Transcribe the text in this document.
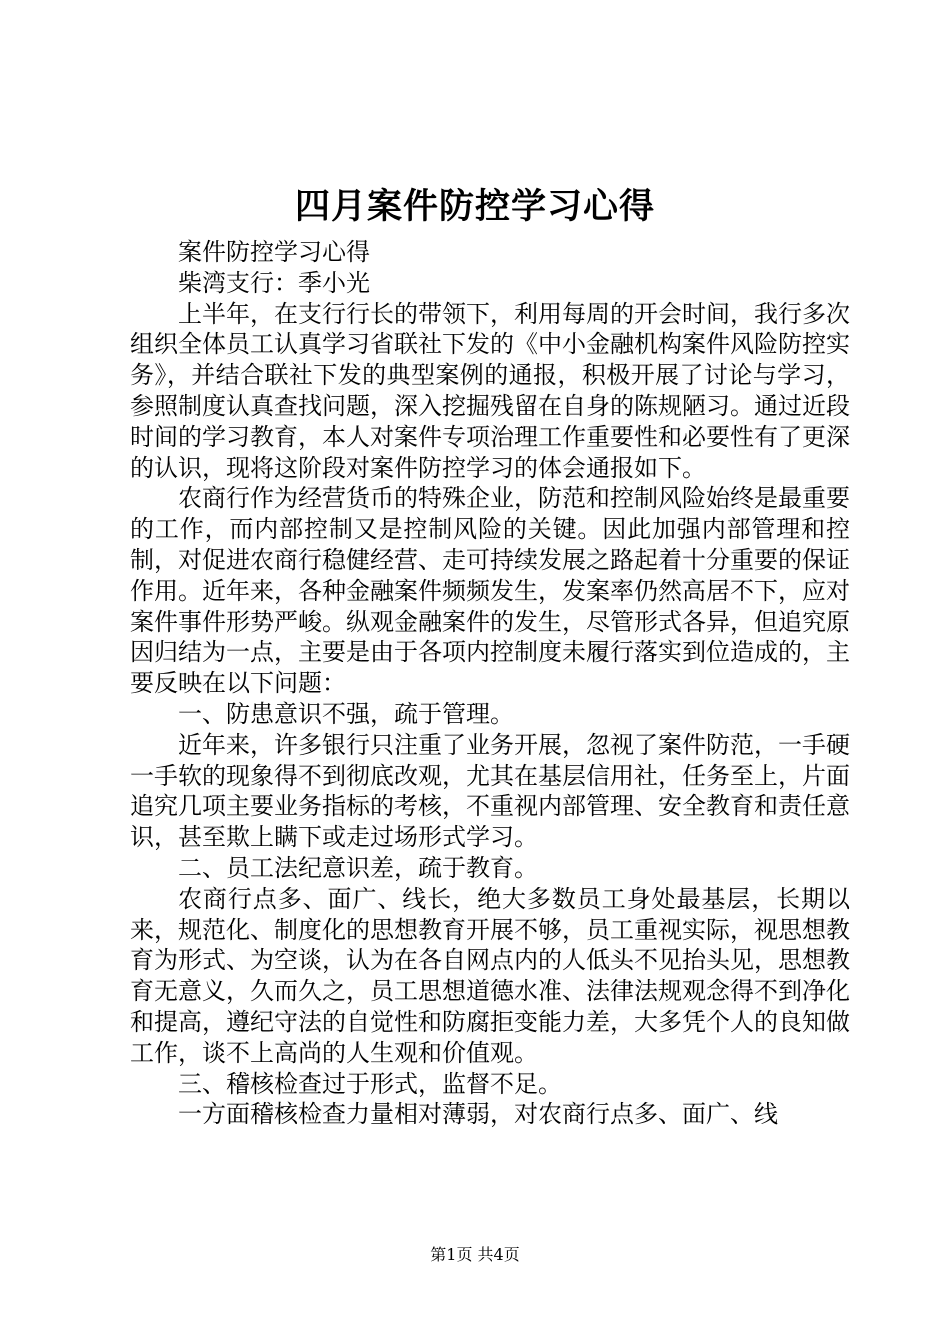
四月案件防控学习心得

案件防控学习心得

柴湾支行：季小光

上半年，在支行行长的带领下，利用每周的开会时间，我行多次组织全体员工认真学习省联社下发的《中小金融机构案件风险防控实务》，并结合联社下发的典型案例的通报，积极开展了讨论与学习，参照制度认真查找问题，深入挖掘残留在自身的陈规陋习。通过近段时间的学习教育，本人对案件专项治理工作重要性和必要性有了更深的认识，现将这阶段对案件防控学习的体会通报如下。

农商行作为经营货币的特殊企业，防范和控制风险始终是最重要的工作，而内部控制又是控制风险的关键。因此加强内部管理和控制，对促进农商行稳健经营、走可持续发展之路起着十分重要的保证作用。近年来，各种金融案件频频发生，发案率仍然高居不下，应对案件事件形势严峻。纵观金融案件的发生，尽管形式各异，但追究原因归结为一点，主要是由于各项内控制度未履行落实到位造成的，主要反映在以下问题：

一、防患意识不强，疏于管理。

近年来，许多银行只注重了业务开展，忽视了案件防范，一手硬一手软的现象得不到彻底改观，尤其在基层信用社，任务至上，片面追究几项主要业务指标的考核，不重视内部管理、安全教育和责任意识，甚至欺上瞒下或走过场形式学习。

二、员工法纪意识差，疏于教育。

农商行点多、面广、线长，绝大多数员工身处最基层，长期以来，规范化、制度化的思想教育开展不够，员工重视实际，视思想教育为形式、为空谈，认为在各自网点内的人低头不见抬头见，思想教育无意义，久而久之，员工思想道德水准、法律法规观念得不到净化和提高，遵纪守法的自觉性和防腐拒变能力差，大多凭个人的良知做工作，谈不上高尚的人生观和价值观。

三、稽核检查过于形式，监督不足。

一方面稽核检查力量相对薄弱，对农商行点多、面广、线

第1页 共4页
